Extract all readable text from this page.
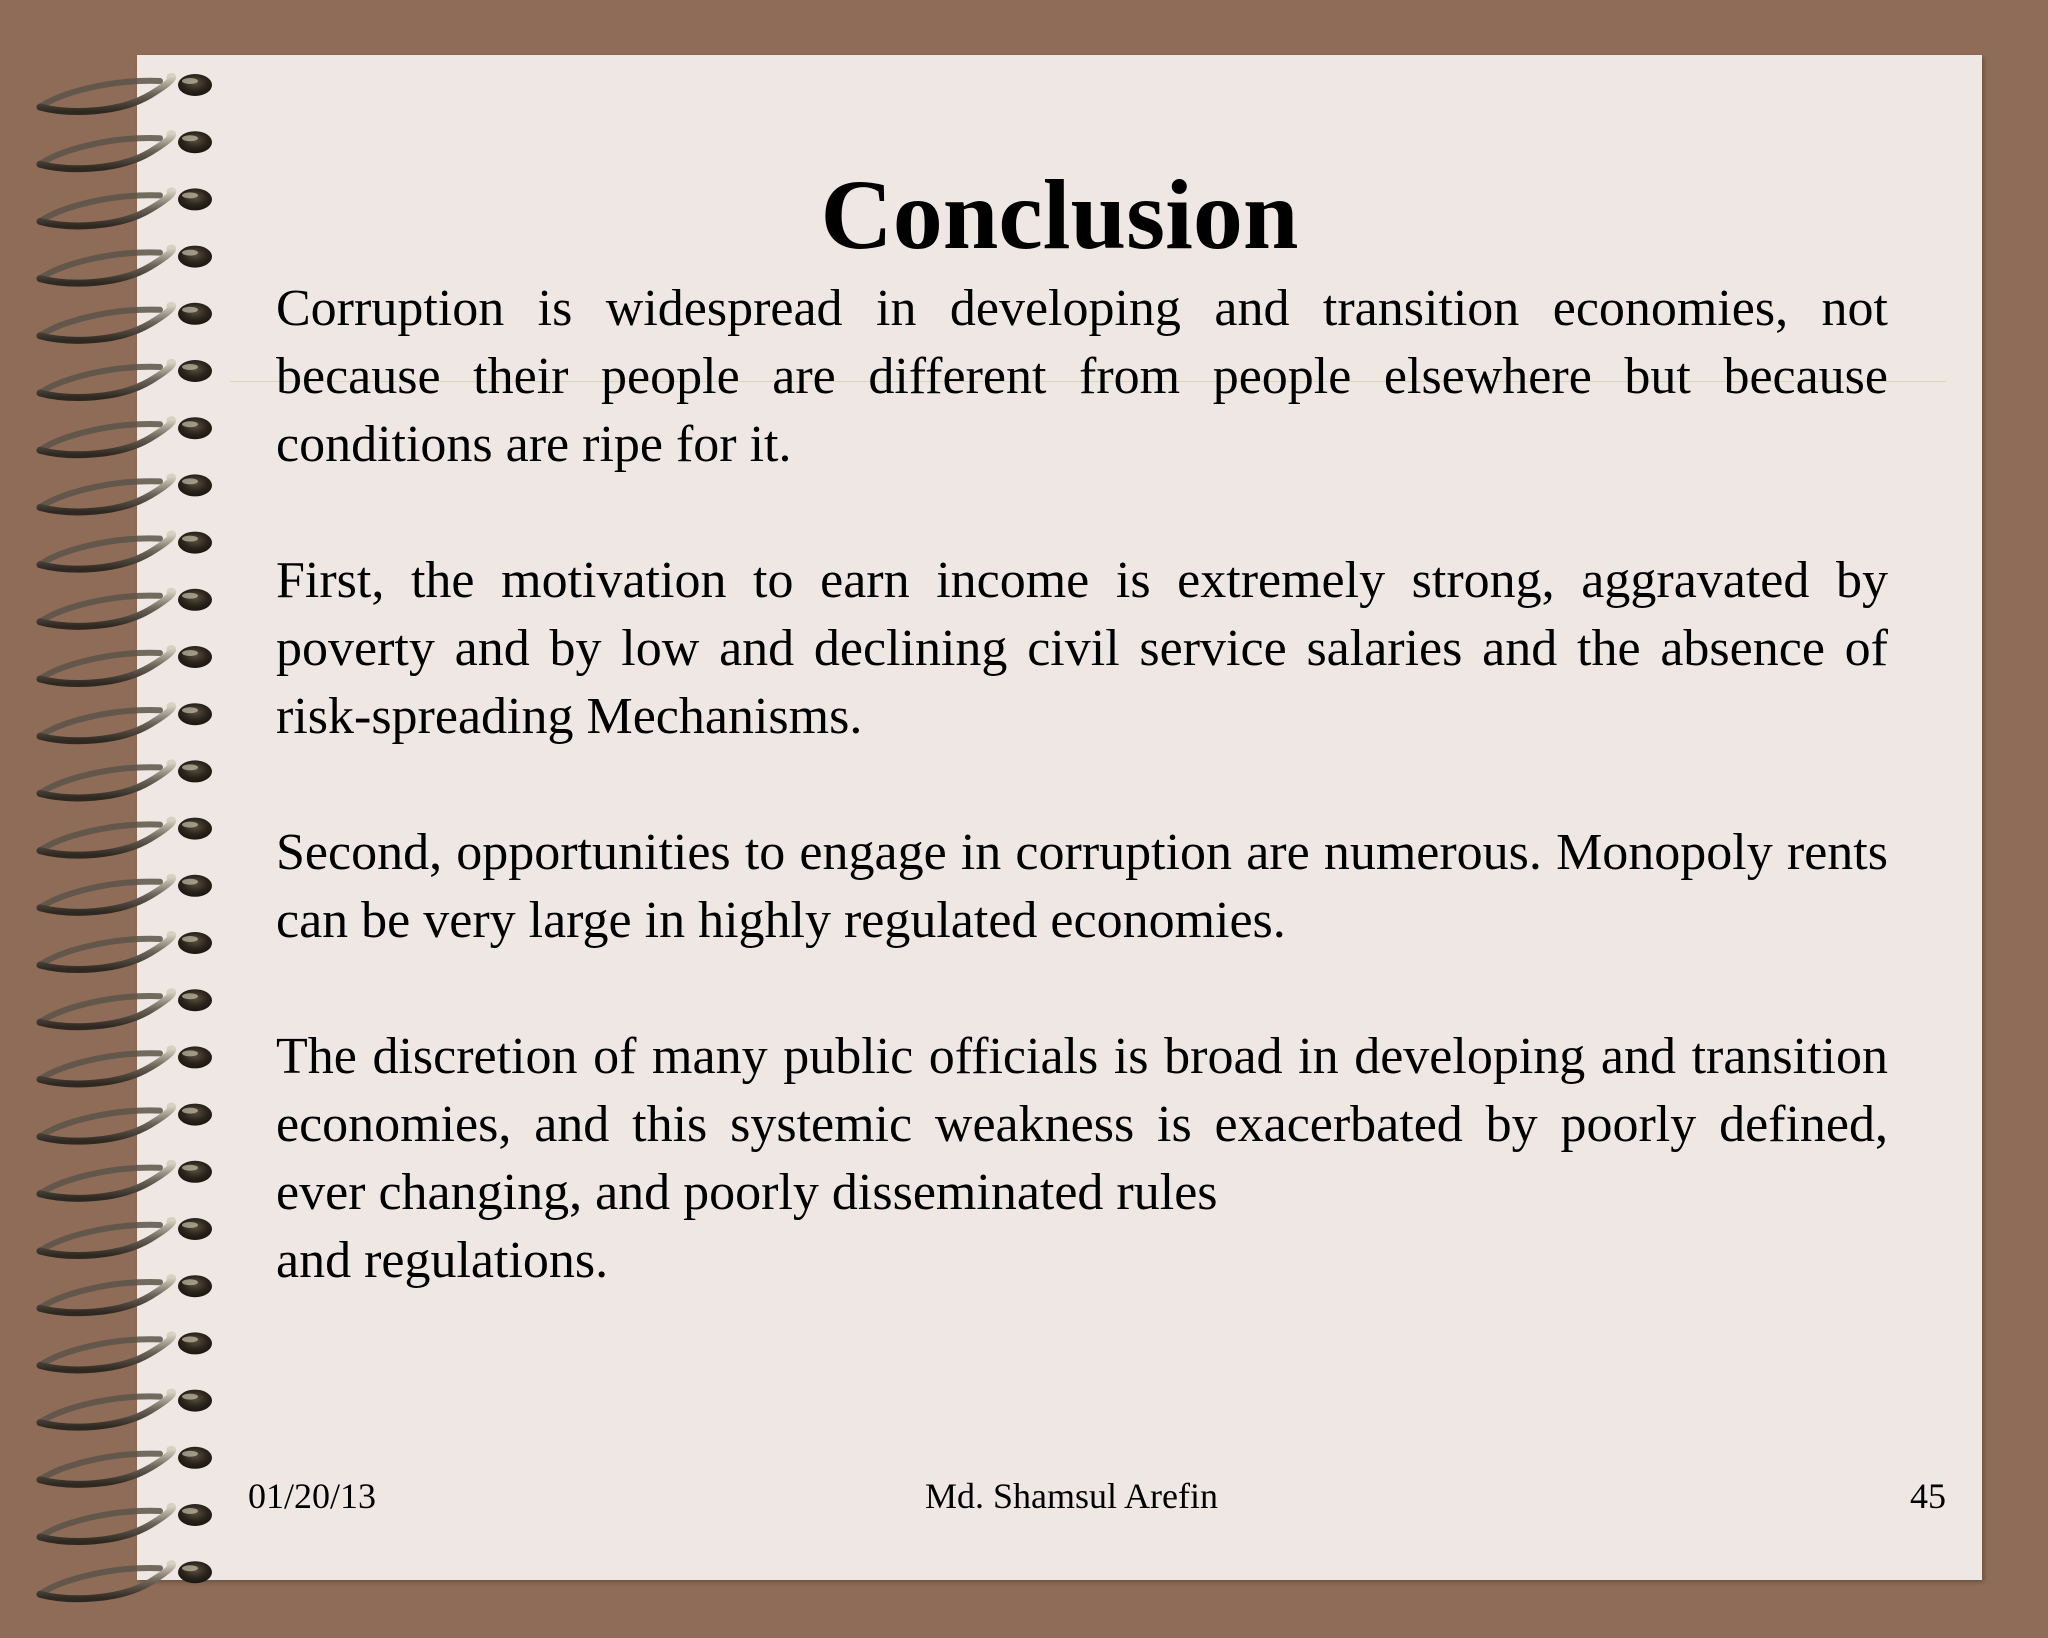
Conclusion

Corruption is widespread in developing and transition economies, not because their people are different from people elsewhere but because conditions are ripe for it.

First, the motivation to earn income is extremely strong, aggravated by poverty and by low and declining civil service salaries and the absence of risk-spreading Mechanisms.

Second, opportunities to engage in corruption are numerous. Monopoly rents can be very large in highly regulated economies.

The discretion of many public officials is broad in developing and transition economies, and this systemic weakness is exacerbated by poorly defined, ever changing, and poorly disseminated rules

and regulations.

01/20/13	Md. Shamsul Arefin	45
